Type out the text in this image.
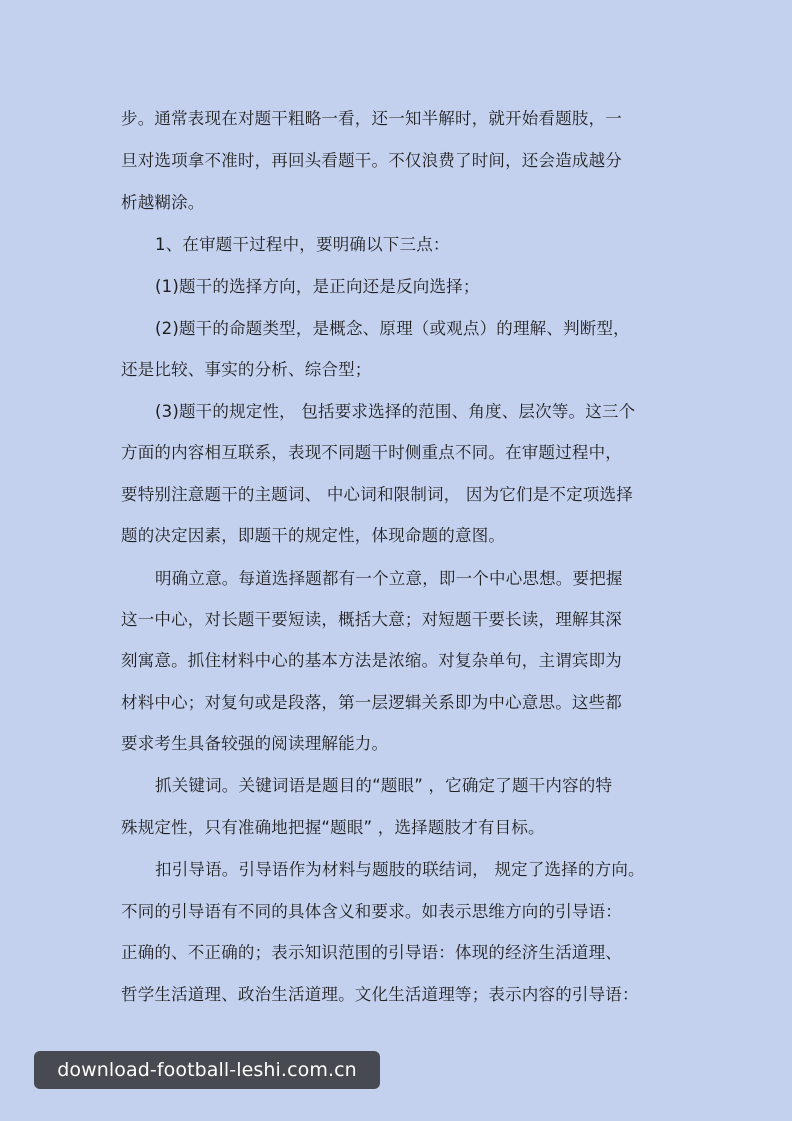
步。通常表现在对题干粗略一看，还一知半解时，就开始看题肢，一
旦对选项拿不准时，再回头看题干。不仅浪费了时间，还会造成越分
析越糊涂。
1、在审题干过程中，要明确以下三点：
(1)题干的选择方向，是正向还是反向选择；
(2)题干的命题类型，是概念、原理（或观点）的理解、判断型，
还是比较、事实的分析、综合型；
(3)题干的规定性， 包括要求选择的范围、角度、层次等。这三个
方面的内容相互联系，表现不同题干时侧重点不同。在审题过程中，
要特别注意题干的主题词、 中心词和限制词， 因为它们是不定项选择
题的决定因素，即题干的规定性，体现命题的意图。
明确立意。每道选择题都有一个立意，即一个中心思想。要把握
这一中心，对长题干要短读，概括大意；对短题干要长读，理解其深
刻寓意。抓住材料中心的基本方法是浓缩。对复杂单句，主谓宾即为
材料中心；对复句或是段落，第一层逻辑关系即为中心意思。这些都
要求考生具备较强的阅读理解能力。
抓关键词。关键词语是题目的“题眼” ，它确定了题干内容的特
殊规定性，只有准确地把握“题眼” ，选择题肢才有目标。
扣引导语。引导语作为材料与题肢的联结词， 规定了选择的方向。
不同的引导语有不同的具体含义和要求。如表示思维方向的引导语：
正确的、不正确的；表示知识范围的引导语：体现的经济生活道理、
哲学生活道理、政治生活道理。文化生活道理等；表示内容的引导语：
download-football-leshi.com.cn
